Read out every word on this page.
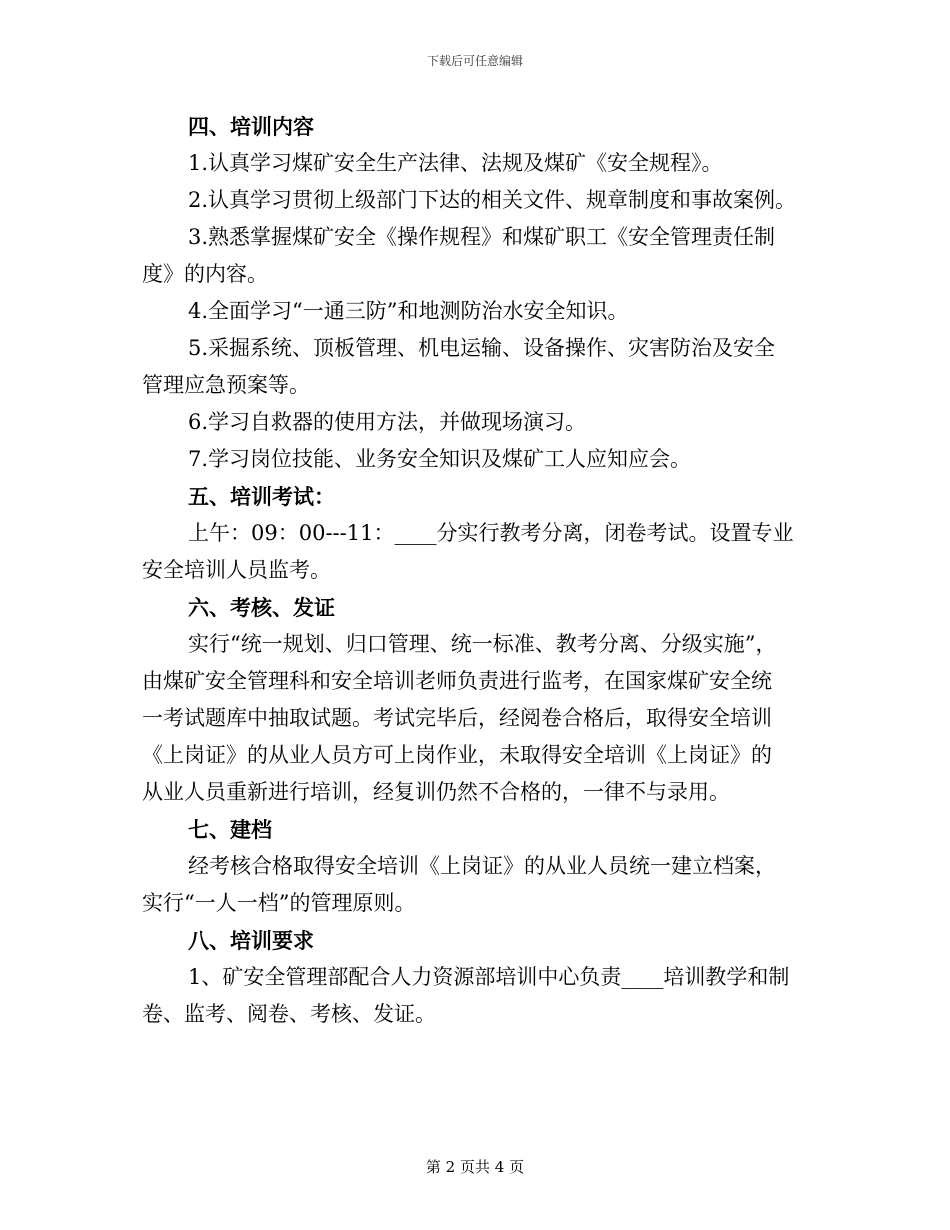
下载后可任意编辑
四、培训内容
1.认真学习煤矿安全生产法律、法规及煤矿《安全规程》。
2.认真学习贯彻上级部门下达的相关文件、规章制度和事故案例。
3.熟悉掌握煤矿安全《操作规程》和煤矿职工《安全管理责任制
度》的内容。
4.全面学习“一通三防”和地测防治水安全知识。
5.采掘系统、顶板管理、机电运输、设备操作、灾害防治及安全
管理应急预案等。
6.学习自救器的使用方法，并做现场演习。
7.学习岗位技能、业务安全知识及煤矿工人应知应会。
五、培训考试：
上午：09：00---11：____分实行教考分离，闭卷考试。设置专业
安全培训人员监考。
六、考核、发证
实行“统一规划、归口管理、统一标准、教考分离、分级实施”，
由煤矿安全管理科和安全培训老师负责进行监考，在国家煤矿安全统
一考试题库中抽取试题。考试完毕后，经阅卷合格后，取得安全培训
《上岗证》的从业人员方可上岗作业，未取得安全培训《上岗证》的
从业人员重新进行培训，经复训仍然不合格的，一律不与录用。
七、建档
经考核合格取得安全培训《上岗证》的从业人员统一建立档案，
实行“一人一档”的管理原则。
八、培训要求
1、矿安全管理部配合人力资源部培训中心负责____培训教学和制
卷、监考、阅卷、考核、发证。
第 2 页共 4 页
